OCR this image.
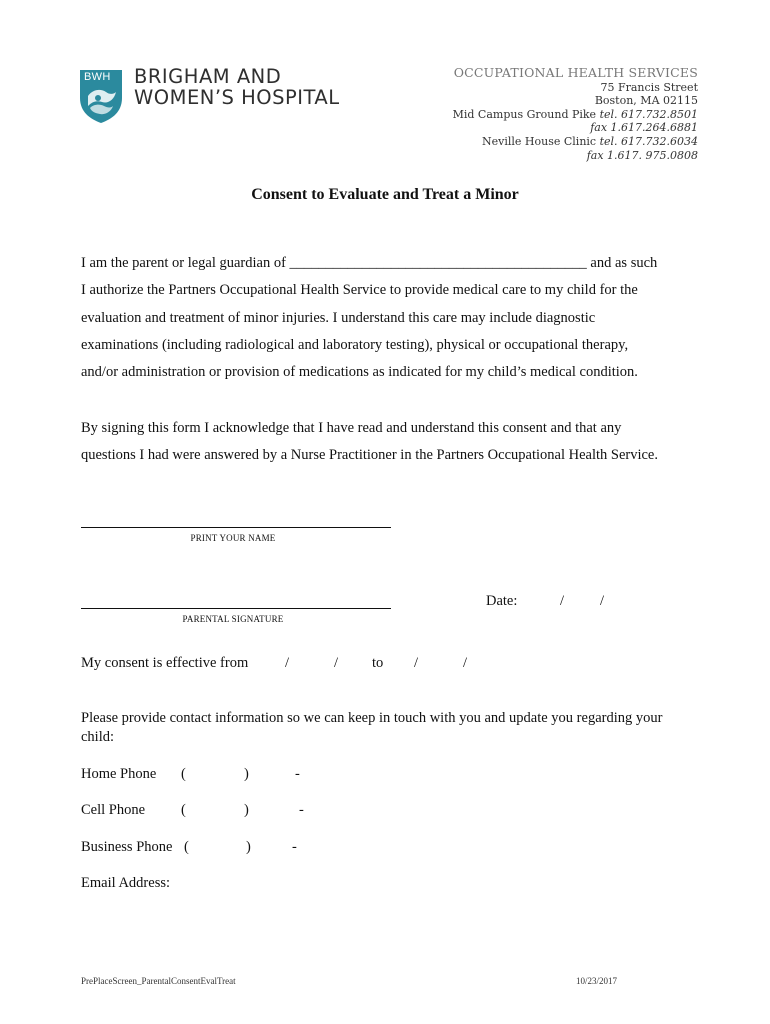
BWH BRIGHAM AND
WOMEN’S HOSPITAL
OCCUPATIONAL HEALTH SERVICES
75 Francis Street
Boston, MA 02115
Mid Campus Ground Pike tel. 617.732.8501
fax 1.617.264.6881
Neville House Clinic tel. 617.732.6034
fax 1.617. 975.0808
Consent to Evaluate and Treat a Minor

I am the parent or legal guardian of _________________________________________ and as such

I authorize the Partners Occupational Health Service to provide medical care to my child for the

evaluation and treatment of minor injuries. I understand this care may include diagnostic

examinations (including radiological and laboratory testing), physical or occupational therapy,

and/or administration or provision of medications as indicated for my child’s medical condition.

By signing this form I acknowledge that I have read and understand this consent and that any

questions I had were answered by a Nurse Practitioner in the Partners Occupational Health Service.

PRINT YOUR NAME
PARENTAL SIGNATURE
Date:	/ /
My consent is effective from	/	/ to /	/
Please provide contact information so we can keep in touch with you and update you regarding your
child:
Home Phone (	)	-
Cell Phone (	)	-
Business Phone (	)	-
Email Address:
PrePlaceScreen_ParentalConsentEvalTreat	10/23/2017
